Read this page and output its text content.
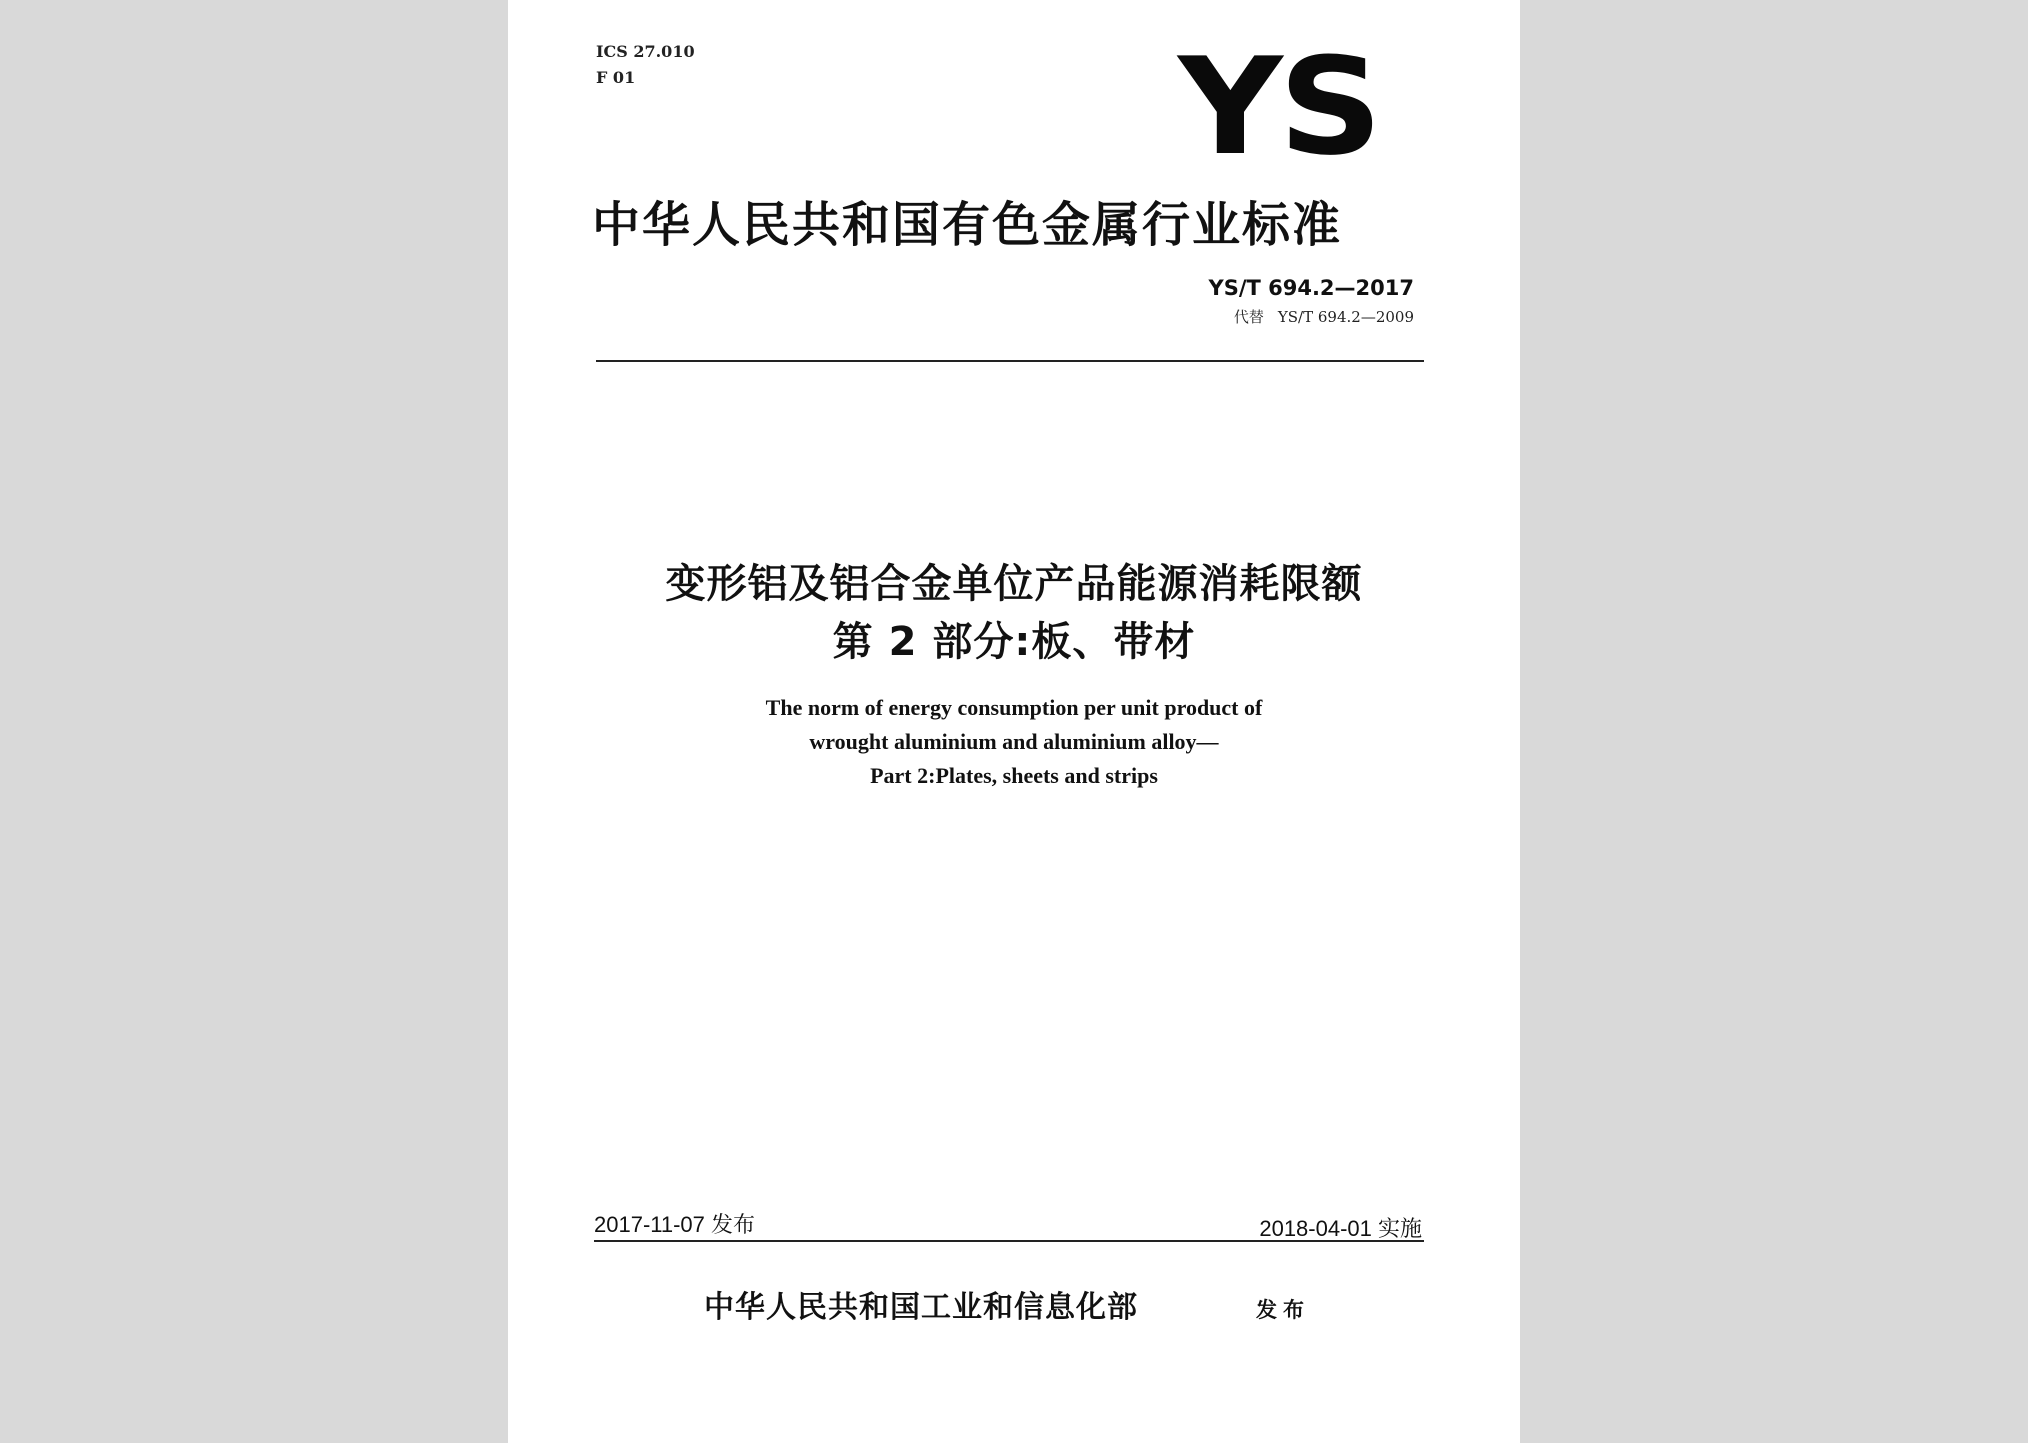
ICS 27.010

F 01	YS
中华人民共和国有色金属行业标准
YS/T 694.2—2017
代替 YS/T 694.2—2009
变形铝及铝合金单位产品能源消耗限额
第 2 部分:板、带材

The norm of energy consumption per unit product of

wrought aluminium and aluminium alloy—

Part 2:Plates, sheets and strips

2017-11-07 发布	2018-04-01 实施

中华人民共和国工业和信息化部	发布
